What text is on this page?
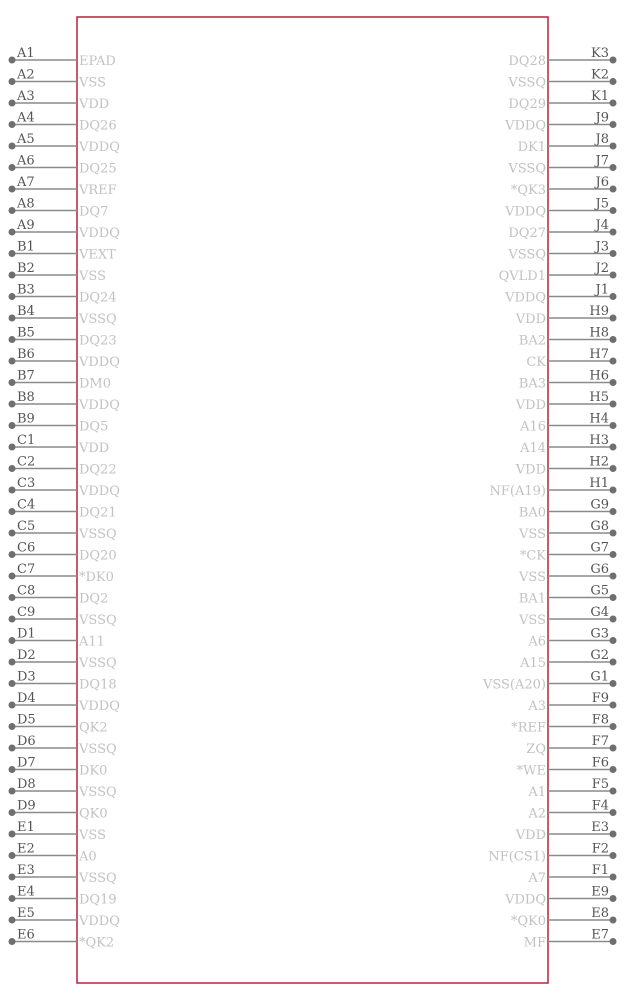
A1
EPAD
A2
VSS
A3
VDD
A4
DQ26
A5
VDDQ
A6
DQ25
A7
VREF
A8
DQ7
A9
VDDQ
B1
VEXT
B2
VSS
B3
DQ24
B4
VSSQ
B5
DQ23
B6
VDDQ
B7
DM0
B8
VDDQ
B9
DQ5
C1
VDD
C2
DQ22
C3
VDDQ
C4
DQ21
C5
VSSQ
C6
DQ20
C7
*DK0
C8
DQ2
C9
VSSQ
D1
A11
D2
VSSQ
D3
DQ18
D4
VDDQ
D5
QK2
D6
VSSQ
D7
DK0
D8
VSSQ
D9
QK0
E1
VSS
E2
A0
E3
VSSQ
E4
DQ19
E5
VDDQ
E6
*QK2
K3
DQ28
K2
VSSQ
K1
DQ29
J9
VDDQ
J8
DK1
J7
VSSQ
J6
*QK3
J5
VDDQ
J4
DQ27
J3
VSSQ
J2
QVLD1
J1
VDDQ
H9
VDD
H8
BA2
H7
CK
H6
BA3
H5
VDD
H4
A16
H3
A14
H2
VDD
H1
NF(A19)
G9
BA0
G8
VSS
G7
*CK
G6
VSS
G5
BA1
G4
VSS
G3
A6
G2
A15
G1
VSS(A20)
F9
A3
F8
*REF
F7
ZQ
F6
*WE
F5
A1
F4
A2
E3
VDD
F2
NF(CS1)
F1
A7
E9
VDDQ
E8
*QK0
E7
MF
